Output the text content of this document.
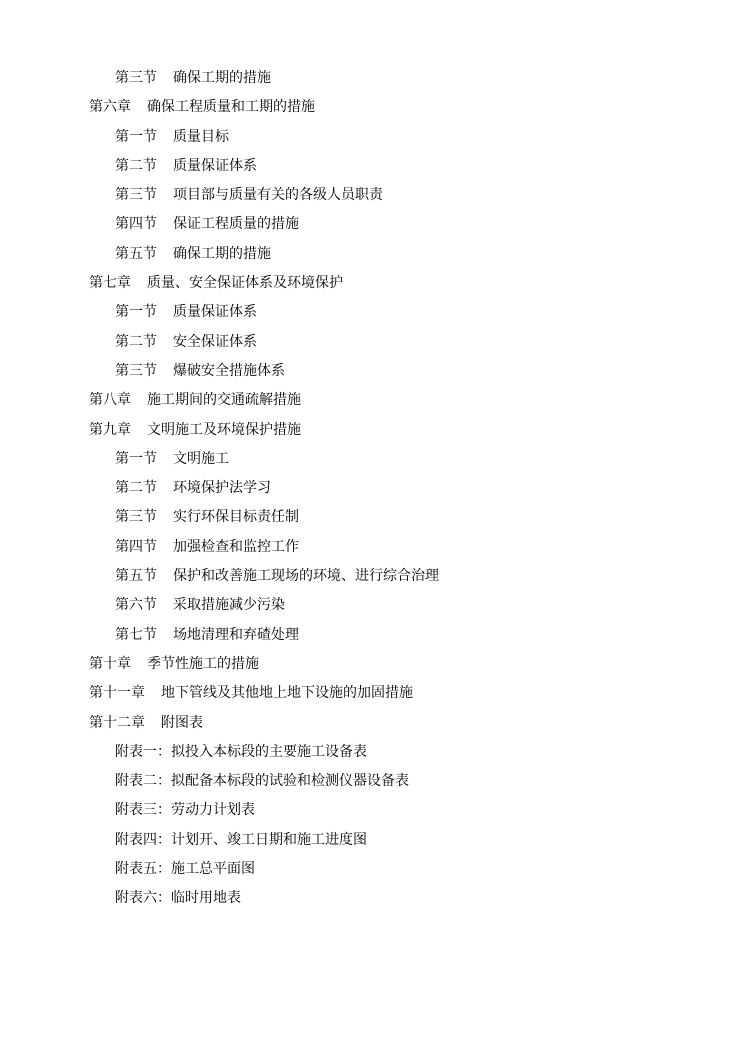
第三节 确保工期的措施
第六章 确保工程质量和工期的措施
第一节 质量目标
第二节 质量保证体系
第三节 项目部与质量有关的各级人员职责
第四节 保证工程质量的措施
第五节 确保工期的措施
第七章 质量、安全保证体系及环境保护
第一节 质量保证体系
第二节 安全保证体系
第三节 爆破安全措施体系
第八章 施工期间的交通疏解措施
第九章 文明施工及环境保护措施
第一节 文明施工
第二节 环境保护法学习
第三节 实行环保目标责任制
第四节 加强检查和监控工作
第五节 保护和改善施工现场的环境、进行综合治理
第六节 采取措施减少污染
第七节 场地清理和弃碴处理
第十章 季节性施工的措施
第十一章 地下管线及其他地上地下设施的加固措施
第十二章 附图表
附表一：拟投入本标段的主要施工设备表
附表二：拟配备本标段的试验和检测仪器设备表
附表三：劳动力计划表
附表四：计划开、竣工日期和施工进度图
附表五：施工总平面图
附表六：临时用地表
